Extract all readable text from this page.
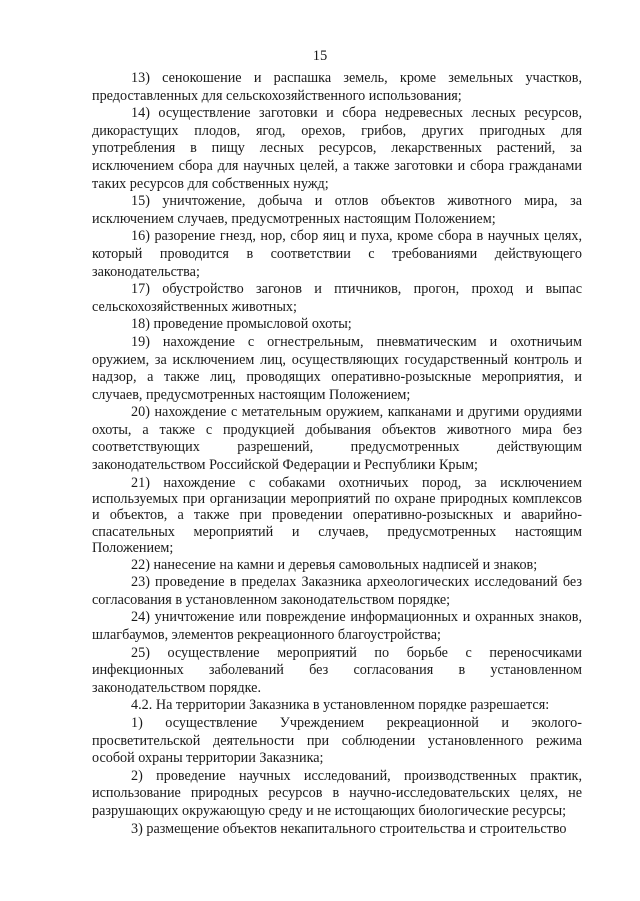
15

13) сенокошение и распашка земель, кроме земельных участков, предоставленных для сельскохозяйственного использования;

14) осуществление заготовки и сбора недревесных лесных ресурсов, дикорастущих плодов, ягод, орехов, грибов, других пригодных для употребления в пищу лесных ресурсов, лекарственных растений, за исключением сбора для научных целей, а также заготовки и сбора гражданами таких ресурсов для собственных нужд;

15) уничтожение, добыча и отлов объектов животного мира, за исключением случаев, предусмотренных настоящим Положением;

16) разорение гнезд, нор, сбор яиц и пуха, кроме сбора в научных целях, который проводится в соответствии с требованиями действующего законодательства;

17) обустройство загонов и птичников, прогон, проход и выпас сельскохозяйственных животных;

18) проведение промысловой охоты;

19) нахождение с огнестрельным, пневматическим и охотничьим оружием, за исключением лиц, осуществляющих государственный контроль и надзор, а также лиц, проводящих оперативно-розыскные мероприятия, и случаев, предусмотренных настоящим Положением;

20) нахождение с метательным оружием, капканами и другими орудиями охоты, а также с продукцией добывания объектов животного мира без соответствующих разрешений, предусмотренных действующим законодательством Российской Федерации и Республики Крым;

21) нахождение с собаками охотничьих пород, за исключением используемых при организации мероприятий по охране природных комплексов и объектов, а также при проведении оперативно-розыскных и аварийно-спасательных мероприятий и случаев, предусмотренных настоящим Положением;

22) нанесение на камни и деревья самовольных надписей и знаков;

23) проведение в пределах Заказника археологических исследований без согласования в установленном законодательством порядке;

24) уничтожение или повреждение информационных и охранных знаков, шлагбаумов, элементов рекреационного благоустройства;

25) осуществление мероприятий по борьбе с переносчиками инфекционных заболеваний без согласования в установленном законодательством порядке.

4.2. На территории Заказника в установленном порядке разрешается:

1) осуществление Учреждением рекреационной и эколого-просветительской деятельности при соблюдении установленного режима особой охраны территории Заказника;

2) проведение научных исследований, производственных практик, использование природных ресурсов в научно-исследовательских целях, не разрушающих окружающую среду и не истощающих биологические ресурсы;

3) размещение объектов некапитального строительства и строительство
